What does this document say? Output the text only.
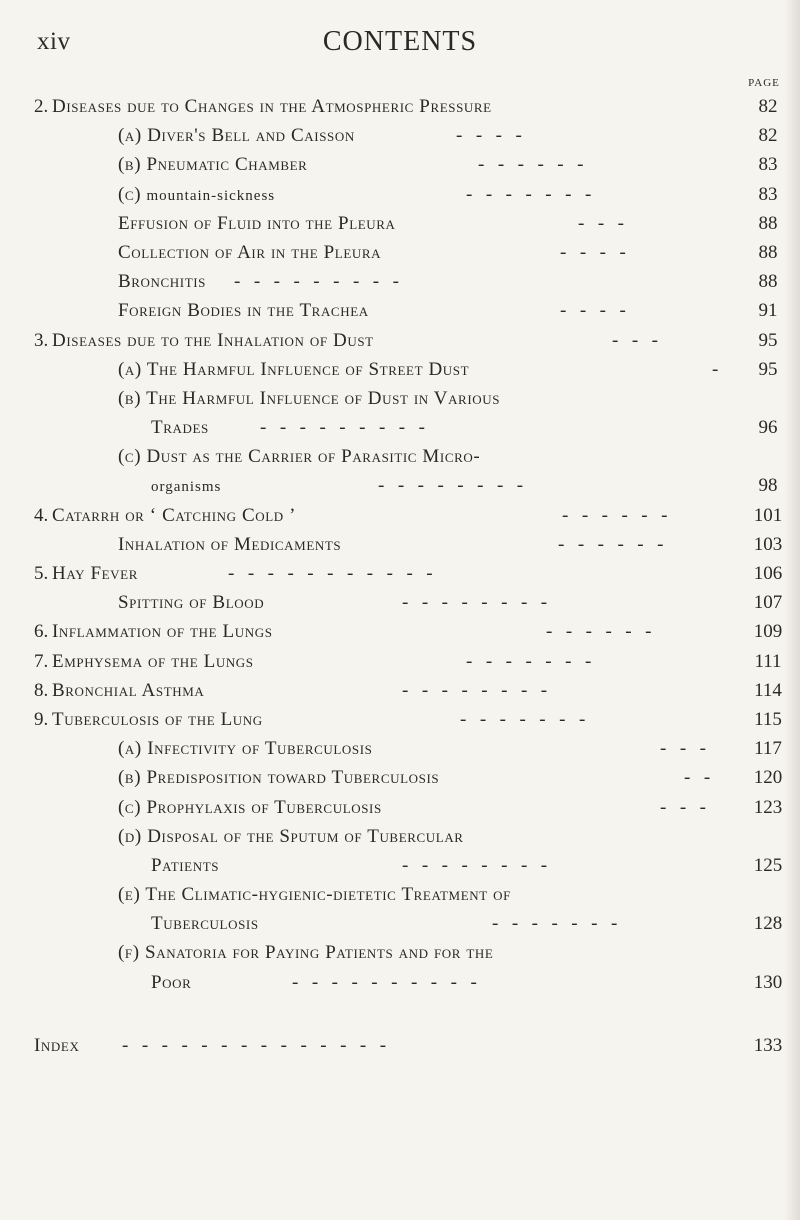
xiv	CONTENTS
PAGE
2. Diseases due to Changes in the Atmospheric Pressure	82
(a) Diver's Bell and Caisson	----	82
(b) Pneumatic Chamber	------	83
(c) mountain-sickness	-------	83
Effusion of Fluid into the Pleura	---	88
Collection of Air in the Pleura	----	88
Bronchitis ---------	88
Foreign Bodies in the Trachea	----	91
3. Diseases due to the Inhalation of Dust	---	95
(a) The Harmful Influence of Street Dust	-	95
(b) The Harmful Influence of Dust in Various
Trades	---------	96
(c) Dust as the Carrier of Parasitic Micro-
organisms	--------	98
4. Catarrh or ‘ Catching Cold ’	------	101
Inhalation of Medicaments	------	103
5. Hay Fever	-----------	106
Spitting of Blood	--------	107
6. Inflammation of the Lungs	------	109
7. Emphysema of the Lungs	-------	111
8. Bronchial Asthma	--------	114
9. Tuberculosis of the Lung	-------	115
(a) Infectivity of Tuberculosis	---	117
(b) Predisposition toward Tuberculosis	--	120
(c) Prophylaxis of Tuberculosis	---	123
(d) Disposal of the Sputum of Tubercular
Patients	--------	125
(e) The Climatic-hygienic-dietetic Treatment of
Tuberculosis	-------	128
(f) Sanatoria for Paying Patients and for the
Poor	----------	130
Index --------------	133
